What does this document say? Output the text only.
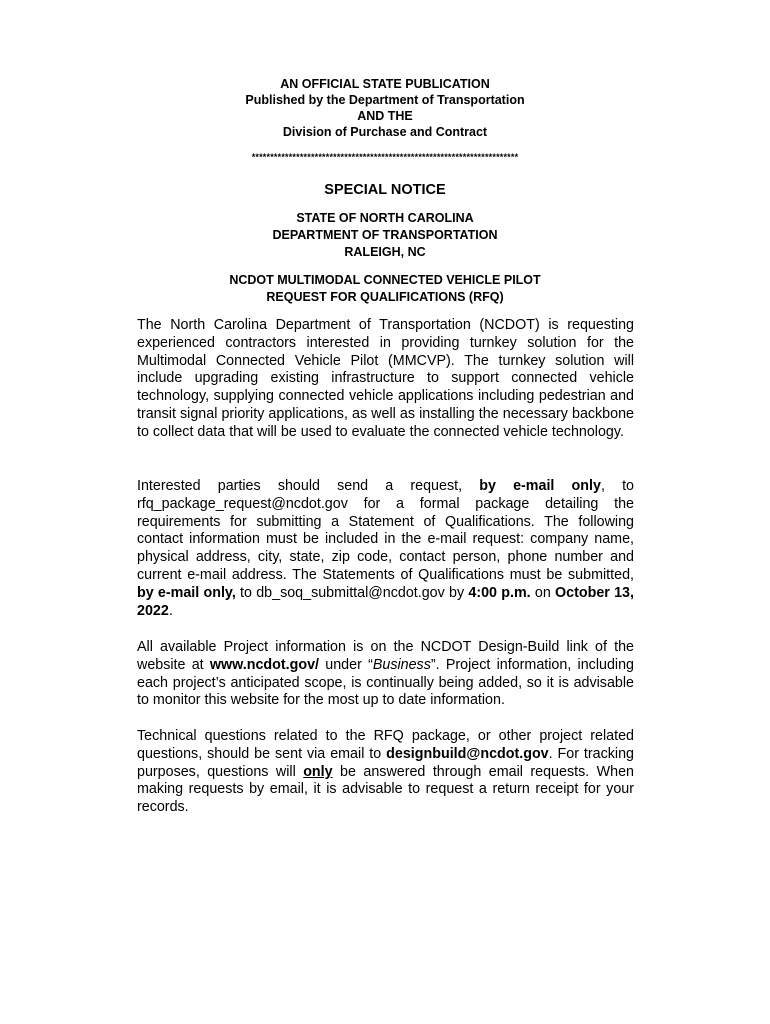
AN OFFICIAL STATE PUBLICATION
Published by the Department of Transportation
AND THE
Division of Purchase and Contract
************************************************************************
SPECIAL NOTICE
STATE OF NORTH CAROLINA
DEPARTMENT OF TRANSPORTATION
RALEIGH, NC
NCDOT MULTIMODAL CONNECTED VEHICLE PILOT
REQUEST FOR QUALIFICATIONS (RFQ)

The North Carolina Department of Transportation (NCDOT) is requesting experienced contractors interested in providing turnkey solution for the Multimodal Connected Vehicle Pilot (MMCVP). The turnkey solution will include upgrading existing infrastructure to support connected vehicle technology, supplying connected vehicle applications including pedestrian and transit signal priority applications, as well as installing the necessary backbone to collect data that will be used to evaluate the connected vehicle technology.

Interested parties should send a request, by e-mail only, to rfq_package_request@ncdot.gov for a formal package detailing the requirements for submitting a Statement of Qualifications. The following contact information must be included in the e-mail request: company name, physical address, city, state, zip code, contact person, phone number and current e-mail address. The Statements of Qualifications must be submitted, by e-mail only, to db_soq_submittal@ncdot.gov by 4:00 p.m. on October 13, 2022.

All available Project information is on the NCDOT Design-Build link of the website at www.ncdot.gov/ under “Business”. Project information, including each project’s anticipated scope, is continually being added, so it is advisable to monitor this website for the most up to date information.

Technical questions related to the RFQ package, or other project related questions, should be sent via email to designbuild@ncdot.gov. For tracking purposes, questions will only be answered through email requests. When making requests by email, it is advisable to request a return receipt for your records.
